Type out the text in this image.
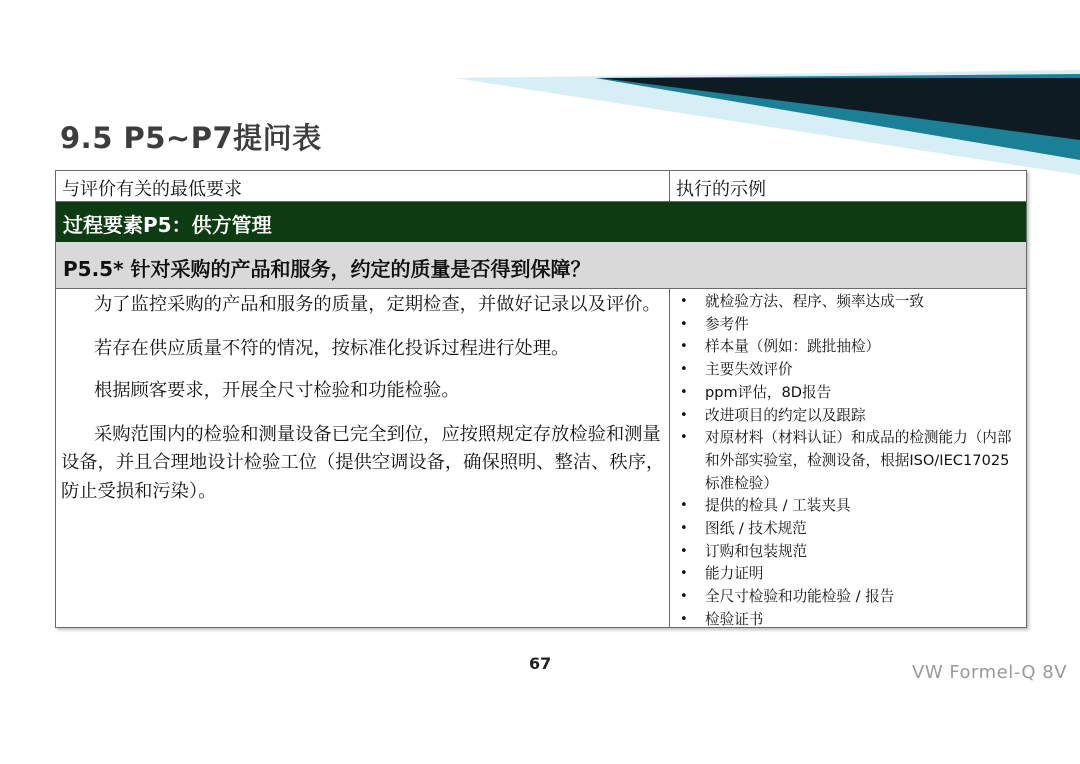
9.5 P5~P7提问表
与评价有关的最低要求	执行的示例
过程要素P5：供方管理
P5.5* 针对采购的产品和服务，约定的质量是否得到保障？

为了监控采购的产品和服务的质量，定期检查，并做好记录以及评价。

若存在供应质量不符的情况，按标准化投诉过程进行处理。

根据顾客要求，开展全尺寸检验和功能检验。

采购范围内的检验和测量设备已完全到位，应按照规定存放检验和测量设备，并且合理地设计检验工位（提供空调设备，确保照明、整洁、秩序，防止受损和污染）。

• 就检验方法、程序、频率达成一致
• 参考件
• 样本量（例如：跳批抽检）
• 主要失效评价
• ppm评估，8D报告
• 改进项目的约定以及跟踪
• 对原材料（材料认证）和成品的检测能力（内部和外部实验室，检测设备，根据ISO/IEC17025标准检验）
• 提供的检具 / 工装夹具
• 图纸 / 技术规范
• 订购和包装规范
• 能力证明
• 全尺寸检验和功能检验 / 报告
• 检验证书
67	VW Formel-Q 8V
